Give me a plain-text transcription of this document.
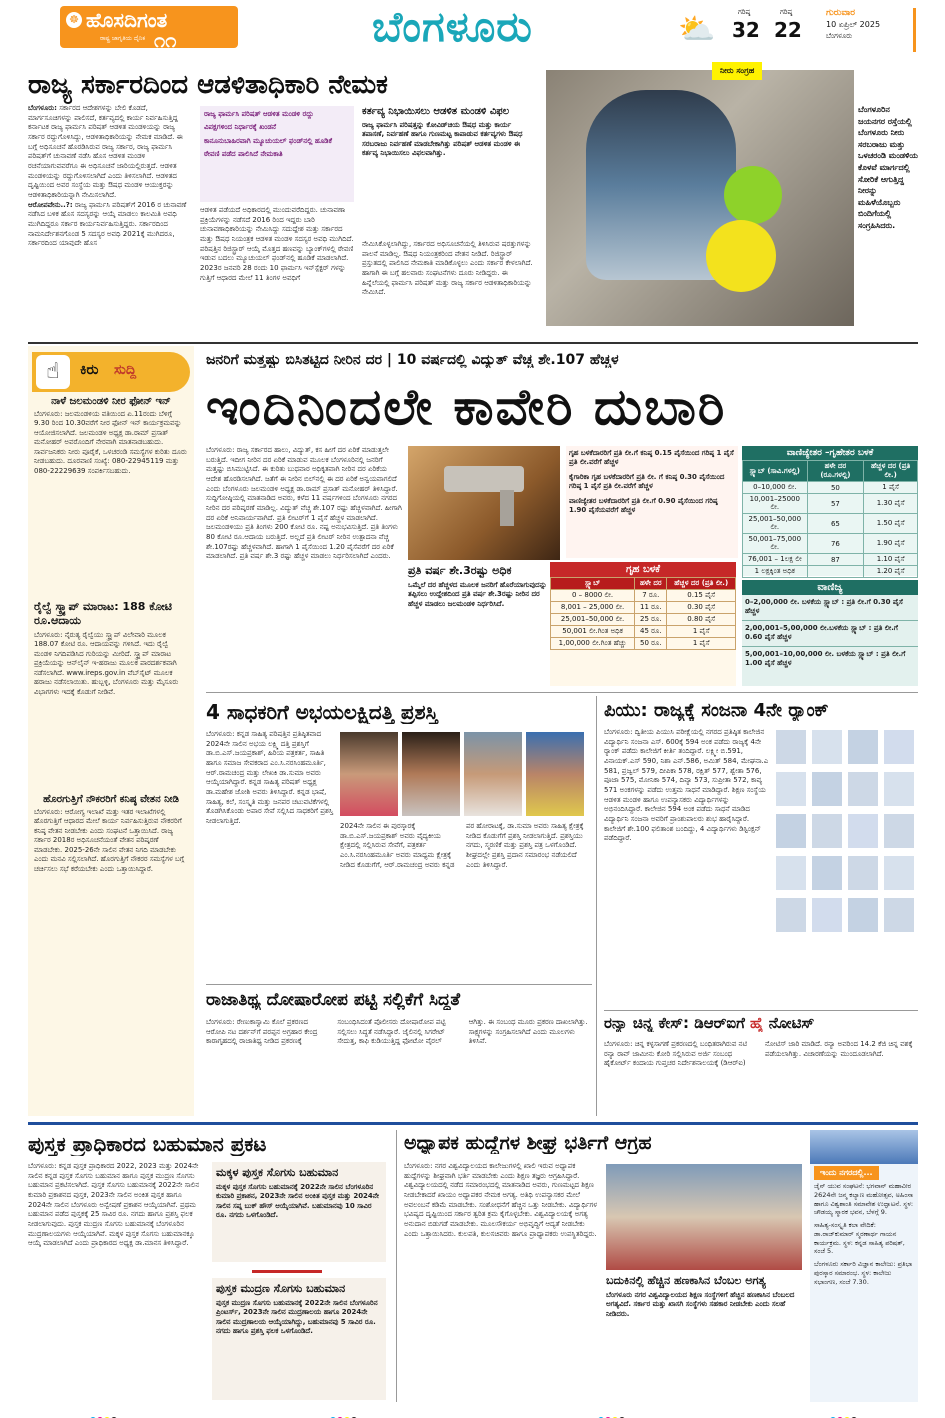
☸ ಹೊಸದಿಗಂತ
ರಾಷ್ಟ್ರ ಜಾಗೃತಿಯ ದೈನಿಕ ೧೧	ಬೆಂಗಳೂರು	⛅	ಗರಿಷ್ಠ
32
ಗರಿಷ್ಠ
22
ಗುರುವಾರ
10 ಏಪ್ರಿಲ್ 2025
ಬೆಂಗಳೂರು
ರಾಜ್ಯ ಸರ್ಕಾರದಿಂದ ಆಡಳಿತಾಧಿಕಾರಿ ನೇಮಕ
ಬೆಂಗಳೂರು: ಸರ್ಕಾರದ ಆದೇಶಗಳನ್ನು ಬೇಲಿ ಕೊಡದೆ, ಮಾರ್ಗಸೂಚಿಗಳನ್ನು ಪಾಲಿಸದೆ, ಕರ್ತವ್ಯದಲ್ಲಿ ಕಾರ್ಯ ನಿರ್ವಹಿಸುತ್ತಿದ್ದ ಕರ್ನಾಟಕ ರಾಜ್ಯ ಫಾರ್ಮಸಿ ಪರಿಷತ್ ಆಡಳಿತ ಮಂಡಳಿಯನ್ನು ರಾಜ್ಯ ಸರ್ಕಾರ ರದ್ದುಗೊಳಿಸಿದ್ದು, ಆಡಳಿತಾಧಿಕಾರಿಯನ್ನು ನೇಮಕ ಮಾಡಿದೆ. ಈ ಬಗ್ಗೆ ಅಧಿಸೂಚನೆ ಹೊರಡಿಸಿರುವ ರಾಜ್ಯ ಸರ್ಕಾರ, ರಾಜ್ಯ ಫಾರ್ಮಸಿ ಪರಿಷತ್‌ಗೆ ಚುನಾವಣೆ ನಡೆಸಿ ಹೊಸ ಆಡಳಿತ ಮಂಡಳಿ ರಚನೆಯಾಗುವವರೆಗೂ ಈ ಅಧಿಸೂಚನೆ ಜಾರಿಯಲ್ಲಿರುತ್ತದೆ. ಆಡಳಿತ ಮಂಡಳಿಯನ್ನು ರದ್ದುಗೊಳಿಸಲಾಗಿದೆ ಎಂದು ತಿಳಿಸಲಾಗಿದೆ. ಆಡಳಿತದ ದೃಷ್ಟಿಯಿಂದ ಅವರ ಸಂಸ್ಥೆಯ ಮತ್ತು ಔಷಧ ಮಂಡಳಿ ಆಯುಕ್ತರನ್ನು ಆಡಳಿತಾಧಿಕಾರಿಯನ್ನಾಗಿ ನೇಮಿಸಲಾಗಿದೆ.
ಆರೋಪವೇನು..?: ರಾಜ್ಯ ಫಾರ್ಮಸಿ ಪರಿಷತ್‌ಗೆ 2016 ರ ಚುನಾವಣೆ ನಡೆಸಿದ ಬಳಿಕ ಹೊಸ ಸದಸ್ಯರನ್ನು ಆಯ್ಕೆ ಮಾಡಲು ಕಾಲಮಿತಿ ಅವಧಿ ಮುಗಿದಿದ್ದರೂ ಸರ್ಕಾರ ಕಾರ್ಯನಿರ್ವಹಿಸುತ್ತಿದ್ದರು. ಸರ್ಕಾರದಿಂದ ನಾಮನಿರ್ದೇಶನಗೊಂಡ 5 ಸದಸ್ಯರ ಅವಧಿ 2021ಕ್ಕೆ ಮುಗಿದರೂ, ಸರ್ಕಾರದಿಂದ ಯಾವುದೇ ಹೊಸ
ರಾಜ್ಯ ಫಾರ್ಮಸಿ ಪರಿಷತ್ ಆಡಳಿತ ಮಂಡಳಿ ರದ್ದು
ವಿಪಕ್ಷಗಳಿಂದ ನಿರ್ಧಾರಕ್ಕೆ ಖಂಡನೆ
ಕಾನೂನುಬಾಹಿರವಾಗಿ ಮ್ಯೂಚುಯಲ್ ಫಂಡ್‌ನಲ್ಲಿ ಹೂಡಿಕೆ
ಠೇವಣಿ ಪಡೆದ ಪಾಲಿಸಿದೆ ನೇಮಕಾತಿ
ಆಡಳಿತ ಪಡೆಯದೆ ಅಧಿಕಾರದಲ್ಲಿ ಮುಂದುವರೆದಿದ್ದರು. ಚುನಾವಣಾ ಪ್ರಕ್ರಿಯೆಗಳನ್ನು ನಡೆಸದೆ 2016 ರಿಂದ ಇದ್ದರು ಬಾರಿ ಚುನಾವಣಾಧಿಕಾರಿಯನ್ನು ನೇಮಿಸಿದ್ದು ಸದುದ್ದೇಶ ಮತ್ತು ಸರ್ಕಾರದ ಮತ್ತು ಔಷಧ ನಿಯಂತ್ರಕ ಆಡಳಿತ ಮಂಡಳಿ ಸದಸ್ಯರ ಅವಧಿ ಮುಗಿದಿದೆ. ಪರಿಷತ್ತಿನ ರಿಜಿಸ್ಟ್ರಾರ್ ಆಯ್ಕೆ ಮೊತ್ತದ ಹಣವನ್ನು ಬ್ಯಾಂಕ್‌ಗಳಲ್ಲಿ ಠೇವಣಿ ಇಡುವ ಬದಲು ಮ್ಯೂಚುಯಲ್ ಫಂಡ್‌ನಲ್ಲಿ ಹೂಡಿಕೆ ಮಾಡಲಾಗಿದೆ. 2023ರ ಜನವರಿ 28 ರಂದು 10 ಫಾರ್ಮಸಿ ಇನ್‌ಸ್ಪೆಕ್ಟರ್ ಗಳನ್ನು ಗುತ್ತಿಗೆ ಆಧಾರದ ಮೇಲೆ 11 ತಿಂಗಳ ಅವಧಿಗೆ
ಕರ್ತವ್ಯ ನಿಭಾಯಿಸಲು ಆಡಳಿತ ಮಂಡಳಿ ವಿಫಲ
ರಾಜ್ಯ ಫಾರ್ಮಸಿ ಪರಿಷತ್ತನ್ನು ಕೋವಿಡ್‌ಚಿಯ ಔಷಧ ಮತ್ತು ಕಾರ್ಯ ತಪಾಸಣೆ, ನಿರ್ವಹಣೆ ಹಾಗೂ ಗುಣಮಟ್ಟ ಕಾಪಾಡುವ ಕರ್ತವ್ಯಗಳು ಔಷಧ ಸರಬರಾಜು ನಿರ್ವಹಣೆ ಮಾಡಬೇಕಾಗಿತ್ತು ಪರಿಷತ್ ಆಡಳಿತ ಮಂಡಳಿ ಈ ಕರ್ತವ್ಯ ನಿಭಾಯಿಸಲು ವಿಫಲವಾಗಿತ್ತು.
ನೇಮಿಸಿಕೊಳ್ಳಲಾಗಿದ್ದು, ಸರ್ಕಾರದ ಅಧಿಸೂಚನೆಯಲ್ಲಿ ತಿಳಿಸಿರುವ ಷರತ್ತುಗಳನ್ನು ಪಾಲನೆ ಮಾಡಿಲ್ಲ. ಔಷಧ ನಿಯಂತ್ರಕರಿಂದ ವೇತನ ನೀಡಿದೆ. ರಿಜಿಸ್ಟ್ರಾರ್ ಪ್ರಸ್ತುತದಲ್ಲಿ ಪಾಲಿಸಿದ ನೇಮಕಾತಿ ಮಾಡಿಕೊಳ್ಳಲು ಎಂದು ಸರ್ಕಾರ ಕೇಳಲಾಗಿದೆ. ಹಾಗಾಗಿ ಈ ಬಗ್ಗೆ ಹಲವಾರು ಸಂಘಟನೆಗಳು ದೂರು ನೀಡಿದ್ದರು. ಈ ಹಿನ್ನೆಲೆಯಲ್ಲಿ ಫಾರ್ಮಸಿ ಪರಿಷತ್ ಮತ್ತು ರಾಜ್ಯ ಸರ್ಕಾರ ಆಡಳಿತಾಧಿಕಾರಿಯನ್ನು ನೇಮಿಸಿದೆ.
ನೀರು ಸಂಗ್ರಹ
ಬೆಂಗಳೂರಿನ ಜಯನಗರ ರಸ್ತೆಯಲ್ಲಿ ಬೆಂಗಳೂರು ನೀರು ಸರಬರಾಜು ಮತ್ತು ಒಳಚರಂಡಿ ಮಂಡಳಿಯ ಕೊಳವೆ ಮಾರ್ಗದಲ್ಲಿ ಸೋರಿಕೆ ಆಗುತ್ತಿದ್ದ ನೀರನ್ನು ಮಹಿಳೆಯೊಬ್ಬರು ಬಿಂದಿಗೆಯಲ್ಲಿ ಸಂಗ್ರಹಿಸಿದರು.
☝	ಕಿರು ಸುದ್ದಿ
ನಾಳೆ ಜಲಮಂಡಳಿ ನೀರ ಫೋನ್ ಇನ್
ಬೆಂಗಳೂರು: ಜಲಮಂಡಳಿಯ ವತಿಯಿಂದ ಏ.11ರಂದು ಬೆಳಿಗ್ಗೆ 9.30 ರಿಂದ 10.30ವರೆಗೆ ನೀರ ಫೋನ್ ಇನ್ ಕಾರ್ಯಕ್ರಮವನ್ನು ಆಯೋಜಿಸಲಾಗಿದೆ. ಜಲಮಂಡಳಿ ಅಧ್ಯಕ್ಷ ಡಾ.ರಾಮ್ ಪ್ರಸಾತ್ ಮನೋಹರ್ ಅವರೊಂದಿಗೆ ನೇರವಾಗಿ ಮಾತನಾಡಬಹುದು. ಸಾರ್ವಜನಿಕರು ನೀರು ಪೂರೈಕೆ, ಒಳಚರಂಡಿ ಸಮಸ್ಯೆಗಳ ಕುರಿತು ದೂರು ನೀಡಬಹುದು. ದೂರವಾಣಿ ಸಂಖ್ಯೆ: 080-22945119 ಮತ್ತು 080-22229639 ಸಂಪರ್ಕಿಸಬಹುದು.
ರೈಲ್ವೆ ಸ್ಕ್ರ್ಯಾಪ್ ಮಾರಾಟ: 188 ಕೋಟಿ ರೂ.ಆದಾಯ
ಬೆಂಗಳೂರು: ನೈರುತ್ಯ ರೈಲ್ವೆಯು ಸ್ಕ್ರ್ಯಾಪ್ ವಿಲೇವಾರಿ ಮೂಲಕ 188.07 ಕೋಟಿ ರೂ. ಆದಾಯವನ್ನು ಗಳಿಸಿದೆ. ಇದು ರೈಲ್ವೆ ಮಂಡಳಿ ನಿಗದಿಪಡಿಸಿದ ಗುರಿಯನ್ನು ಮೀರಿದೆ. ಸ್ಕ್ರ್ಯಾಪ್ ಮಾರಾಟ ಪ್ರಕ್ರಿಯೆಯನ್ನು ಆನ್‌ಲೈನ್ ಇ-ಹರಾಜು ಮೂಲಕ ಪಾರದರ್ಶಕವಾಗಿ ನಡೆಸಲಾಗಿದೆ. www.ireps.gov.in ವೆಬ್‌ಸೈಟ್ ಮೂಲಕ ಹರಾಜು ನಡೆಸಲಾಯಿತು. ಹುಬ್ಬಳ್ಳಿ, ಬೆಂಗಳೂರು ಮತ್ತು ಮೈಸೂರು ವಿಭಾಗಗಳು ಇದಕ್ಕೆ ಕೊಡುಗೆ ನೀಡಿವೆ.
ಹೊರಗುತ್ತಿಗೆ ನೌಕರರಿಗೆ ಕನಿಷ್ಠ ವೇತನ ನೀಡಿ
ಬೆಂಗಳೂರು: ಆರೋಗ್ಯ ಇಲಾಖೆ ಮತ್ತು ಇತರ ಇಲಾಖೆಗಳಲ್ಲಿ ಹೊರಗುತ್ತಿಗೆ ಆಧಾರದ ಮೇಲೆ ಕಾರ್ಯ ನಿರ್ವಹಿಸುತ್ತಿರುವ ನೌಕರರಿಗೆ ಕನಿಷ್ಠ ವೇತನ ನೀಡಬೇಕು ಎಂದು ಸಂಘಟನೆ ಒತ್ತಾಯಿಸಿದೆ. ರಾಜ್ಯ ಸರ್ಕಾರ 2018ರ ಅಧಿಸೂಚನೆಯಂತೆ ವೇತನ ಪರಿಷ್ಕರಣೆ ಮಾಡಬೇಕು. 2025-26ನೇ ಸಾಲಿನ ವೇತನ ನಿಗದಿ ಮಾಡಬೇಕು ಎಂದು ಮನವಿ ಸಲ್ಲಿಸಲಾಗಿದೆ. ಹೊರಗುತ್ತಿಗೆ ನೌಕರರ ಸಮಸ್ಯೆಗಳ ಬಗ್ಗೆ ಚರ್ಚಿಸಲು ಸಭೆ ಕರೆಯಬೇಕು ಎಂದು ಒತ್ತಾಯಿಸಿದ್ದಾರೆ.
ಜನರಿಗೆ ಮತ್ತಷ್ಟು ಬಿಸಿತಟ್ಟಿದ ನೀರಿನ ದರ | 10 ವರ್ಷದಲ್ಲಿ ವಿದ್ಯುತ್ ವೆಚ್ಚ ಶೇ.107 ಹೆಚ್ಚಳ
ಇಂದಿನಿಂದಲೇ ಕಾವೇರಿ ದುಬಾರಿ
ಬೆಂಗಳೂರು: ರಾಜ್ಯ ಸರ್ಕಾರದ ಹಾಲು, ವಿದ್ಯುತ್, ಕಸ ಹೀಗೆ ದರ ಏರಿಕೆ ಮಾಡುತ್ತಲೇ ಬರುತ್ತಿದೆ. ಇದೀಗ ನೀರಿನ ದರ ಏರಿಕೆ ಮಾಡುವ ಮೂಲಕ ಬೆಂಗಳೂರಿನಲ್ಲಿ ಜನರಿಗೆ ಮತ್ತಷ್ಟು ಬಿಸಿಮುಟ್ಟಿಸಿದೆ. ಈ ಕುರಿತು ಬುಧವಾರ ಅಧಿಕೃತವಾಗಿ ನೀರಿನ ದರ ಏರಿಕೆಯ ಆದೇಶ ಹೊರಡಿಸಲಾಗಿದೆ. ಜತೆಗೆ ಈ ನೀರಿನ ಬಿಲ್‌ನಲ್ಲಿ ಈ ದರ ಏರಿಕೆ ಅನ್ವಯವಾಗಲಿದೆ ಎಂದು ಬೆಂಗಳೂರು ಜಲಮಂಡಳಿ ಅಧ್ಯಕ್ಷ ಡಾ.ರಾಮ್ ಪ್ರಸಾತ್ ಮನೋಹರ್ ತಿಳಿಸಿದ್ದಾರೆ. ಸುದ್ದಿಗೋಷ್ಠಿಯಲ್ಲಿ ಮಾತನಾಡಿದ ಅವರು, ಕಳೆದ 11 ವರ್ಷಗಳಿಂದ ಬೆಂಗಳೂರು ನಗರದ ನೀರಿನ ದರ ಪರಿಷ್ಕರಣೆ ಮಾಡಿಲ್ಲ. ವಿದ್ಯುತ್ ವೆಚ್ಚ ಶೇ.107 ರಷ್ಟು ಹೆಚ್ಚಳವಾಗಿದೆ. ಹೀಗಾಗಿ ದರ ಏರಿಕೆ ಅನಿವಾರ್ಯವಾಗಿದೆ. ಪ್ರತಿ ಲೀಟರ್‌ಗೆ 1 ಪೈಸೆ ಹೆಚ್ಚಳ ಮಾಡಲಾಗಿದೆ. ಜಲಮಂಡಳಿಯು ಪ್ರತಿ ತಿಂಗಳು 200 ಕೋಟಿ ರೂ. ನಷ್ಟ ಅನುಭವಿಸುತ್ತಿದೆ. ಪ್ರತಿ ತಿಂಗಳು 80 ಕೋಟಿ ರೂ.ಆದಾಯ ಬರುತ್ತಿದೆ. ಅಲ್ಲದೆ ಪ್ರತಿ ಲೀಟರ್ ನೀರಿನ ಉತ್ಪಾದನಾ ವೆಚ್ಚ ಶೇ.107ರಷ್ಟು ಹೆಚ್ಚಳವಾಗಿದೆ. ಹಾಗಾಗಿ 1 ಪೈಸೆಯಿಂದ 1.20 ಪೈಸೆವರೆಗೆ ದರ ಏರಿಕೆ ಮಾಡಲಾಗಿದೆ. ಪ್ರತಿ ವರ್ಷ ಶೇ.3 ರಷ್ಟು ಹೆಚ್ಚಳ ಮಾಡಲು ನಿರ್ಧರಿಸಲಾಗಿದೆ ಎಂದರು.
ಪ್ರತಿ ವರ್ಷ ಶೇ.3ರಷ್ಟು ಅಧಿಕ
ಒಮ್ಮೆಲೆ ದರ ಹೆಚ್ಚಳದ ಮೂಲಕ ಜನರಿಗೆ ಹೊರೆಯಾಗುವುದನ್ನು ತಪ್ಪಿಸಲು ಉದ್ದೇಶದಿಂದ ಪ್ರತಿ ವರ್ಷ ಶೇ.3ರಷ್ಟು ನೀರಿನ ದರ ಹೆಚ್ಚಳ ಮಾಡಲು ಜಲಮಂಡಳಿ ನಿರ್ಧರಿಸಿದೆ.
ಗೃಹ ಬಳಕೆದಾರರಿಗೆ ಪ್ರತಿ ಲೀ.ಗೆ ಕನಿಷ್ಠ 0.15 ಪೈಸೆಯಿಂದ ಗರಿಷ್ಠ 1 ಪೈಸೆ ಪ್ರತಿ ಲೀ.ವರೆಗೆ ಹೆಚ್ಚಳ
ಕೈಗಾರಿಕಾ ಗೃಹ ಬಳಕೆದಾರರಿಗೆ ಪ್ರತಿ ಲೀ. ಗೆ ಕನಿಷ್ಠ 0.30 ಪೈಸೆಯಿಂದ ಗರಿಷ್ಠ 1 ಪೈಸೆ ಪ್ರತಿ ಲೀ.ವರೆಗೆ ಹೆಚ್ಚಳ
ವಾಣಿಜ್ಯೇತರ ಬಳಕೆದಾರರಿಗೆ ಪ್ರತಿ ಲೀ.ಗೆ 0.90 ಪೈಸೆಯಿಂದ ಗರಿಷ್ಠ 1.90 ಪೈಸೆಯವರೆಗೆ ಹೆಚ್ಚಳ
ಗೃಹ ಬಳಕೆ
ಸ್ಲ್ಯಾಬ್	ಹಳೇ ದರ	ಹೆಚ್ಚಳ ದರ (ಪ್ರತಿ ಲೀ.)
0 – 8000 ಲೀ.	7 ರೂ.	0.15 ಪೈಸೆ
8,001 – 25,000 ಲೀ.	11 ರೂ.	0.30 ಪೈಸೆ
25,001–50,000 ಲೀ.	25 ರೂ.	0.80 ಪೈಸೆ
50,001 ಲೀ.ಗಿಂತ ಅಧಿಕ	45 ರೂ.	1 ಪೈಸೆ
1,00,000 ಲೀ.ಗಿಂತ ಹೆಚ್ಚು	50 ರೂ.	1 ಪೈಸೆ
ವಾಣಿಜ್ಯೇತರ –ಗೃಹೇತರ ಬಳಕೆ
ಸ್ಲ್ಯಾಬ್ (ಸಾವಿ.ಗಳಲ್ಲಿ)	ಹಳೇ ದರ (ರೂ.ಗಳಲ್ಲಿ)	ಹೆಚ್ಚಳ ದರ (ಪ್ರತಿ ಲೀ.)
0–10,000 ಲೀ.	50	1 ಪೈಸೆ
10,001–25000 ಲೀ.	57	1.30 ಪೈಸೆ
25,001–50,000 ಲೀ.	65	1.50 ಪೈಸೆ
50,001–75,000 ಲೀ.	76	1.90 ಪೈಸೆ
76,001 – 1ಲಕ್ಷ ಲೀ	87	1.10 ಪೈಸೆ
1 ಲಕ್ಷಕ್ಕಿಂತ ಅಧಿಕ		1.20 ಪೈಸೆ
ವಾಣಿಜ್ಯ
0–2,00,000 ಲೀ. ಬಳಕೆಯ ಸ್ಲ್ಯಾಬ್ : ಪ್ರತಿ ಲೀ.ಗೆ 0.30 ಪೈಸೆ ಹೆಚ್ಚಳ
2,00,001–5,00,000 ಲೀ.ಬಳಕೆಯ ಸ್ಲ್ಯಾಬ್ : ಪ್ರತಿ ಲೀ.ಗೆ 0.60 ಪೈಸೆ ಹೆಚ್ಚಳ
5,00,001–10,00,000 ಲೀ. ಬಳಕೆಯ ಸ್ಲ್ಯಾಬ್ : ಪ್ರತಿ ಲೀ.ಗೆ 1.00 ಪೈಸೆ ಹೆಚ್ಚಳ
4 ಸಾಧಕರಿಗೆ ಅಭಯಲಕ್ಷ್ಮಿದತ್ತಿ ಪ್ರಶಸ್ತಿ
ಬೆಂಗಳೂರು: ಕನ್ನಡ ಸಾಹಿತ್ಯ ಪರಿಷತ್ತಿನ ಪ್ರತಿಷ್ಠಿತವಾದ 2024ನೇ ಸಾಲಿನ ಅಭಯ ಲಕ್ಷ್ಮಿ ದತ್ತಿ ಪ್ರಶಸ್ತಿಗೆ ಡಾ.ಬಿ.ಎಸ್.ಜಯಪ್ರಕಾಶ್, ಹಿರಿಯ ಪತ್ರಕರ್ತ, ಸಾಹಿತಿ ಹಾಗೂ ಸಮಾಜ ಸೇವಕರಾದ ಎಂ.ಸಿ.ನರಸಿಂಹಮೂರ್ತಿ, ಆರ್.ರಾಮಚಂದ್ರ ಮತ್ತು ಲೇಖಕಿ ಡಾ.ಸುಮಾ ಅವರು ಆಯ್ಕೆಯಾಗಿದ್ದಾರೆ. ಕನ್ನಡ ಸಾಹಿತ್ಯ ಪರಿಷತ್ ಅಧ್ಯಕ್ಷ ಡಾ.ಮಹೇಶ ಜೋಶಿ ಅವರು ತಿಳಿಸಿದ್ದಾರೆ. ಕನ್ನಡ ಭಾಷೆ, ಸಾಹಿತ್ಯ, ಕಲೆ, ಸಂಸ್ಕೃತಿ ಮತ್ತು ಜನಪರ ಚಟುವಟಿಕೆಗಳಲ್ಲಿ ತೊಡಗಿಸಿಕೊಂಡು ಅಪಾರ ಸೇವೆ ಸಲ್ಲಿಸಿದ ಸಾಧಕರಿಗೆ ಪ್ರಶಸ್ತಿ ನೀಡಲಾಗುತ್ತಿದೆ.
2024ನೇ ಸಾಲಿನ ಈ ಪುರಸ್ಕಾರಕ್ಕೆ ಡಾ.ಬಿ.ಎಸ್.ಜಯಪ್ರಕಾಶ್ ಅವರು ವೈದ್ಯಕೀಯ ಕ್ಷೇತ್ರದಲ್ಲಿ ಸಲ್ಲಿಸಿರುವ ಸೇವೆಗೆ, ಪತ್ರಕರ್ತ ಎಂ.ಸಿ.ನರಸಿಂಹಮೂರ್ತಿ ಅವರು ಮಾಧ್ಯಮ ಕ್ಷೇತ್ರಕ್ಕೆ ನೀಡಿದ ಕೊಡುಗೆಗೆ, ಆರ್.ರಾಮಚಂದ್ರ ಅವರು ಕನ್ನಡ ಪರ ಹೋರಾಟಕ್ಕೆ, ಡಾ.ಸುಮಾ ಅವರು ಸಾಹಿತ್ಯ ಕ್ಷೇತ್ರಕ್ಕೆ ನೀಡಿದ ಕೊಡುಗೆಗೆ ಪ್ರಶಸ್ತಿ ನೀಡಲಾಗುತ್ತಿದೆ. ಪ್ರಶಸ್ತಿಯು ನಗದು, ಸ್ಮರಣಿಕೆ ಮತ್ತು ಪ್ರಶಸ್ತಿ ಪತ್ರ ಒಳಗೊಂಡಿದೆ. ಶೀಘ್ರದಲ್ಲೇ ಪ್ರಶಸ್ತಿ ಪ್ರದಾನ ಸಮಾರಂಭ ನಡೆಯಲಿದೆ ಎಂದು ತಿಳಿಸಿದ್ದಾರೆ.
ಪಿಯು: ರಾಜ್ಯಕ್ಕೆ ಸಂಜನಾ 4ನೇ ರ‍್ಯಾಂಕ್
ಬೆಂಗಳೂರು: ದ್ವಿತೀಯ ಪಿಯುಸಿ ಪರೀಕ್ಷೆಯಲ್ಲಿ ನಗರದ ಪ್ರತಿಷ್ಠಿತ ಕಾಲೇಜಿನ ವಿದ್ಯಾರ್ಥಿನಿ ಸಂಜನಾ ಎಸ್. 600ಕ್ಕೆ 594 ಅಂಕ ಪಡೆದು ರಾಜ್ಯಕ್ಕೆ 4ನೇ ರ‍್ಯಾಂಕ್ ಪಡೆದು ಕಾಲೇಜಿಗೆ ಕೀರ್ತಿ ತಂದಿದ್ದಾರೆ. ಲಕ್ಷ್ಮೀ ಬಿ.591, ವಿನಾಯಕ್.ಎಸ್ 590, ನಿಶಾ ಎನ್.586, ಅಮಿತ್ 584, ಮೇಘನಾ.ಎ 581, ಪ್ರಜ್ವಲ್ 579, ದೀಪಿಕಾ 578, ರಕ್ಷಿತ್ 577, ಶ್ವೇತಾ 576, ಪೂಜಾ 575, ಮೋನಿಕಾ 574, ದಿವ್ಯಾ 573, ಸುಪ್ರೀತಾ 572, ಕಾವ್ಯ 571 ಅಂಕಗಳನ್ನು ಪಡೆದು ಉತ್ತಮ ಸಾಧನೆ ಮಾಡಿದ್ದಾರೆ. ಶಿಕ್ಷಣ ಸಂಸ್ಥೆಯ ಆಡಳಿತ ಮಂಡಳಿ ಹಾಗೂ ಉಪನ್ಯಾಸಕರು ವಿದ್ಯಾರ್ಥಿಗಳನ್ನು ಅಭಿನಂದಿಸಿದ್ದಾರೆ. ಕಾಲೇಜಿನ 594 ಅಂಕ ಪಡೆದು ಸಾಧನೆ ಮಾಡಿದ ವಿದ್ಯಾರ್ಥಿನಿ ಸಂಜನಾ ಅವರಿಗೆ ಪ್ರಾಂಶುಪಾಲರು ಶುಭ ಹಾರೈಸಿದ್ದಾರೆ. ಕಾಲೇಜಿಗೆ ಶೇ.100 ಫಲಿತಾಂಶ ಬಂದಿದ್ದು, 4 ವಿದ್ಯಾರ್ಥಿಗಳು ಡಿಸ್ಟಿಂಕ್ಷನ್ ಪಡೆದಿದ್ದಾರೆ.
ರಾಜಾತಿಥ್ಯ ದೋಷಾರೋಪ ಪಟ್ಟಿ ಸಲ್ಲಿಕೆಗೆ ಸಿದ್ಧತೆ
ಬೆಂಗಳೂರು: ರೇಣುಕಾಸ್ವಾಮಿ ಕೊಲೆ ಪ್ರಕರಣದ ಆರೋಪಿ ನಟ ದರ್ಶನ್‌ಗೆ ಪರಪ್ಪನ ಅಗ್ರಹಾರ ಕೇಂದ್ರ ಕಾರಾಗೃಹದಲ್ಲಿ ರಾಜಾತಿಥ್ಯ ನೀಡಿದ ಪ್ರಕರಣಕ್ಕೆ ಸಂಬಂಧಿಸಿದಂತೆ ಪೊಲೀಸರು ದೋಷಾರೋಪ ಪಟ್ಟಿ ಸಲ್ಲಿಸಲು ಸಿದ್ಧತೆ ನಡೆಸಿದ್ದಾರೆ. ಜೈಲಿನಲ್ಲಿ ಸಿಗರೇಟ್ ಸೇದುತ್ತ, ಕಾಫಿ ಕುಡಿಯುತ್ತಿದ್ದ ಫೋಟೋ ವೈರಲ್ ಆಗಿತ್ತು. ಈ ಸಂಬಂಧ ಮೂರು ಪ್ರಕರಣ ದಾಖಲಾಗಿತ್ತು. ಸಾಕ್ಷ್ಯಗಳನ್ನು ಸಂಗ್ರಹಿಸಲಾಗಿದೆ ಎಂದು ಮೂಲಗಳು ತಿಳಿಸಿವೆ.
ರನ್ಯಾ ಚಿನ್ನ ಕೇಸ್: ಡಿಆರ್‌ಐಗೆ ಹೈ ನೋಟಿಸ್
ಬೆಂಗಳೂರು: ಚಿನ್ನ ಕಳ್ಳಸಾಗಣೆ ಪ್ರಕರಣದಲ್ಲಿ ಬಂಧಿತರಾಗಿರುವ ನಟಿ ರನ್ಯಾ ರಾವ್ ಜಾಮೀನು ಕೋರಿ ಸಲ್ಲಿಸಿರುವ ಅರ್ಜಿ ಸಂಬಂಧ ಹೈಕೋರ್ಟ್ ಕಂದಾಯ ಗುಪ್ತಚರ ನಿರ್ದೇಶನಾಲಯಕ್ಕೆ (ಡಿಆರ್‌ಐ) ನೋಟಿಸ್ ಜಾರಿ ಮಾಡಿದೆ. ರನ್ಯಾ ಅವರಿಂದ 14.2 ಕೆಜಿ ಚಿನ್ನ ವಶಕ್ಕೆ ಪಡೆಯಲಾಗಿತ್ತು. ವಿಚಾರಣೆಯನ್ನು ಮುಂದೂಡಲಾಗಿದೆ.
ಪುಸ್ತಕ ಪ್ರಾಧಿಕಾರದ ಬಹುಮಾನ ಪ್ರಕಟ
ಬೆಂಗಳೂರು: ಕನ್ನಡ ಪುಸ್ತಕ ಪ್ರಾಧಿಕಾರದ 2022, 2023 ಮತ್ತು 2024ನೇ ಸಾಲಿನ ಕನ್ನಡ ಪುಸ್ತಕ ಸೊಗಸು ಬಹುಮಾನ ಹಾಗೂ ಪುಸ್ತಕ ಮುದ್ರಣ ಸೊಗಸು ಬಹುಮಾನ ಪ್ರಕಟಿಸಲಾಗಿದೆ. ಪುಸ್ತಕ ಸೊಗಸು ಬಹುಮಾನಕ್ಕೆ 2022ನೇ ಸಾಲಿನ ಕುಮಾರಿ ಪ್ರಕಾಶನದ ಪುಸ್ತಕ, 2023ನೇ ಸಾಲಿನ ಅಂಕಿತ ಪುಸ್ತಕ ಹಾಗೂ 2024ನೇ ಸಾಲಿನ ಬೆಂಗಳೂರು ಅನ್ವೇಷಣೆ ಪ್ರಕಾಶನ ಆಯ್ಕೆಯಾಗಿವೆ. ಪ್ರಥಮ ಬಹುಮಾನ ಪಡೆದ ಪುಸ್ತಕಕ್ಕೆ 25 ಸಾವಿರ ರೂ. ನಗದು ಹಾಗೂ ಪ್ರಶಸ್ತಿ ಫಲಕ ನೀಡಲಾಗುವುದು. ಪುಸ್ತಕ ಮುದ್ರಣ ಸೊಗಸು ಬಹುಮಾನಕ್ಕೆ ಬೆಂಗಳೂರಿನ ಮುದ್ರಣಾಲಯಗಳು ಆಯ್ಕೆಯಾಗಿವೆ. ಮಕ್ಕಳ ಪುಸ್ತಕ ಸೊಗಸು ಬಹುಮಾನಕ್ಕೂ ಆಯ್ಕೆ ಮಾಡಲಾಗಿದೆ ಎಂದು ಪ್ರಾಧಿಕಾರದ ಅಧ್ಯಕ್ಷ ಡಾ.ಮಾನಸ ತಿಳಿಸಿದ್ದಾರೆ.
ಮಕ್ಕಳ ಪುಸ್ತಕ ಸೊಗಸು ಬಹುಮಾನ
ಮಕ್ಕಳ ಪುಸ್ತಕ ಸೊಗಸು ಬಹುಮಾನಕ್ಕೆ 2022ನೇ ಸಾಲಿನ ಬೆಂಗಳೂರಿನ ಕುಮಾರಿ ಪ್ರಕಾಶನ, 2023ನೇ ಸಾಲಿನ ಅಂಕಿತ ಪುಸ್ತಕ ಮತ್ತು 2024ನೇ ಸಾಲಿನ ಸಪ್ನ ಬುಕ್ ಹೌಸ್ ಆಯ್ಕೆಯಾಗಿವೆ. ಬಹುಮಾನವು 10 ಸಾವಿರ ರೂ. ನಗದು ಒಳಗೊಂಡಿದೆ.
ಪುಸ್ತಕ ಮುದ್ರಣ ಸೊಗಸು ಬಹುಮಾನ
ಪುಸ್ತಕ ಮುದ್ರಣ ಸೊಗಸು ಬಹುಮಾನಕ್ಕೆ 2022ನೇ ಸಾಲಿನ ಬೆಂಗಳೂರಿನ ಪ್ರಿಂಟರ್ಸ್, 2023ನೇ ಸಾಲಿನ ಮುದ್ರಣಾಲಯ ಹಾಗೂ 2024ನೇ ಸಾಲಿನ ಮುದ್ರಣಾಲಯ ಆಯ್ಕೆಯಾಗಿದ್ದು, ಬಹುಮಾನವು 5 ಸಾವಿರ ರೂ. ನಗದು ಹಾಗೂ ಪ್ರಶಸ್ತಿ ಫಲಕ ಒಳಗೊಂಡಿದೆ.
ಅಧ್ಯಾಪಕ ಹುದ್ದೆಗಳ ಶೀಘ್ರ ಭರ್ತಿಗೆ ಆಗ್ರಹ
ಬೆಂಗಳೂರು: ನಗರ ವಿಶ್ವವಿದ್ಯಾಲಯದ ಕಾಲೇಜುಗಳಲ್ಲಿ ಖಾಲಿ ಇರುವ ಅಧ್ಯಾಪಕ ಹುದ್ದೆಗಳನ್ನು ಶೀಘ್ರವಾಗಿ ಭರ್ತಿ ಮಾಡಬೇಕು ಎಂದು ಶಿಕ್ಷಣ ತಜ್ಞರು ಆಗ್ರಹಿಸಿದ್ದಾರೆ. ವಿಶ್ವವಿದ್ಯಾಲಯದಲ್ಲಿ ನಡೆದ ಸಮಾರಂಭದಲ್ಲಿ ಮಾತನಾಡಿದ ಅವರು, ಗುಣಮಟ್ಟದ ಶಿಕ್ಷಣ ನೀಡಬೇಕಾದರೆ ಖಾಯಂ ಅಧ್ಯಾಪಕರ ನೇಮಕ ಅಗತ್ಯ. ಅತಿಥಿ ಉಪನ್ಯಾಸಕರ ಮೇಲೆ ಅವಲಂಬನೆ ಕಡಿಮೆ ಮಾಡಬೇಕು. ಸಂಶೋಧನೆಗೆ ಹೆಚ್ಚಿನ ಒತ್ತು ನೀಡಬೇಕು. ವಿದ್ಯಾರ್ಥಿಗಳ ಭವಿಷ್ಯದ ದೃಷ್ಟಿಯಿಂದ ಸರ್ಕಾರ ತ್ವರಿತ ಕ್ರಮ ಕೈಗೊಳ್ಳಬೇಕು. ವಿಶ್ವವಿದ್ಯಾಲಯಕ್ಕೆ ಅಗತ್ಯ ಅನುದಾನ ಬಿಡುಗಡೆ ಮಾಡಬೇಕು. ಮೂಲಸೌಕರ್ಯ ಅಭಿವೃದ್ಧಿಗೆ ಆದ್ಯತೆ ನೀಡಬೇಕು ಎಂದು ಒತ್ತಾಯಿಸಿದರು. ಕುಲಪತಿ, ಕುಲಸಚಿವರು ಹಾಗೂ ಪ್ರಾಧ್ಯಾಪಕರು ಉಪಸ್ಥಿತರಿದ್ದರು.
ಬದುಕಿನಲ್ಲಿ ಹೆಚ್ಚಿನ ಹಣಕಾಸಿನ ಬೆಂಬಲ ಅಗತ್ಯ
ಬೆಂಗಳೂರು ನಗರ ವಿಶ್ವವಿದ್ಯಾಲಯದ ಶಿಕ್ಷಣ ಸಂಸ್ಥೆಗಳಿಗೆ ಹೆಚ್ಚಿನ ಹಣಕಾಸಿನ ಬೆಂಬಲದ ಅಗತ್ಯವಿದೆ. ಸರ್ಕಾರ ಮತ್ತು ಖಾಸಗಿ ಸಂಸ್ಥೆಗಳು ಸಹಕಾರ ನೀಡಬೇಕು ಎಂದು ಸಲಹೆ ನೀಡಿದರು.
ಇಂದು ನಗರದಲ್ಲಿ...
ಜೈನ್ ಯುವ ಸಂಘಟನೆ: ಭಗವಾನ್ ಮಹಾವೀರ 2624ನೇ ಜನ್ಮ ಕಲ್ಯಾಣ ಮಹೋತ್ಸವ, ಅಹಿಂಸಾ ಹಾಗೂ ವಿಶ್ವಶಾಂತಿ ಸಮಾವೇಶ ಉದ್ಘಾಟನೆ. ಸ್ಥಳ: ಚೌಡಯ್ಯ ಸ್ಮಾರಕ ಭವನ, ಬೆಳಗ್ಗೆ 9.
ಸಾಹಿತ್ಯ-ಸಂಸ್ಕೃತಿ ಕಲಾ ವೇದಿಕೆ: ಡಾ.ರಾಜ್‌ಕುಮಾರ್ ಸ್ಮರಣಾರ್ಥ ಗಾಯನ ಕಾರ್ಯಕ್ರಮ. ಸ್ಥಳ: ಕನ್ನಡ ಸಾಹಿತ್ಯ ಪರಿಷತ್, ಸಂಜೆ 5.
ಬೆಂಗಳೂರು ಸರ್ಕಾರಿ ವಿಜ್ಞಾನ ಕಾಲೇಜು: ಪ್ರತಿಭಾ ಪುರಸ್ಕಾರ ಸಮಾರಂಭ. ಸ್ಥಳ: ಕಾಲೇಜು ಸಭಾಂಗಣ, ಸಂಜೆ 7.30.
